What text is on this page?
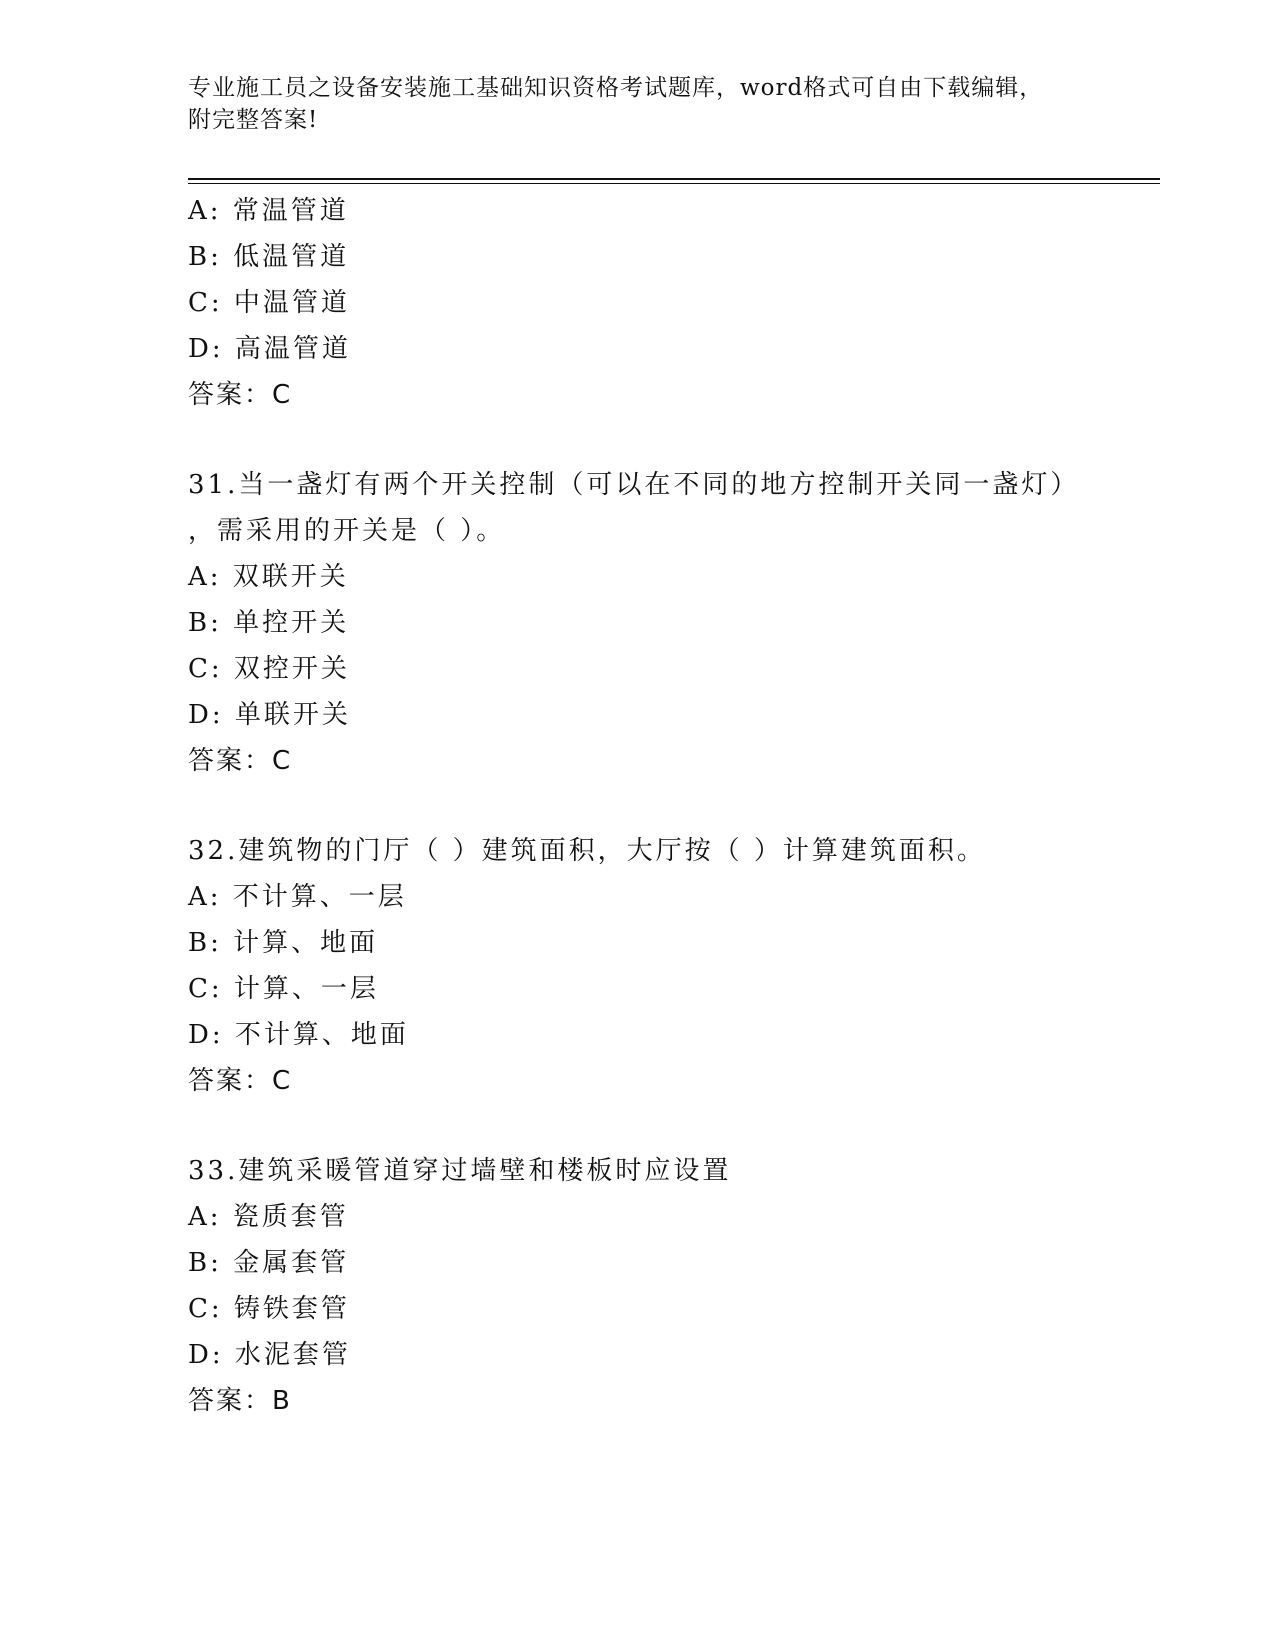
专业施工员之设备安装施工基础知识资格考试题库，word格式可自由下载编辑，
附完整答案!
A: 常温管道
B: 低温管道
C: 中温管道
D: 高温管道
答案：C
31.当一盏灯有两个开关控制（可以在不同的地方控制开关同一盏灯）
，需采用的开关是（ ）。
A: 双联开关
B: 单控开关
C: 双控开关
D: 单联开关
答案：C
32.建筑物的门厅（ ）建筑面积，大厅按（ ）计算建筑面积。
A: 不计算、一层
B: 计算、地面
C: 计算、一层
D: 不计算、地面
答案：C
33.建筑采暖管道穿过墙壁和楼板时应设置
A: 瓷质套管
B: 金属套管
C: 铸铁套管
D: 水泥套管
答案：B
